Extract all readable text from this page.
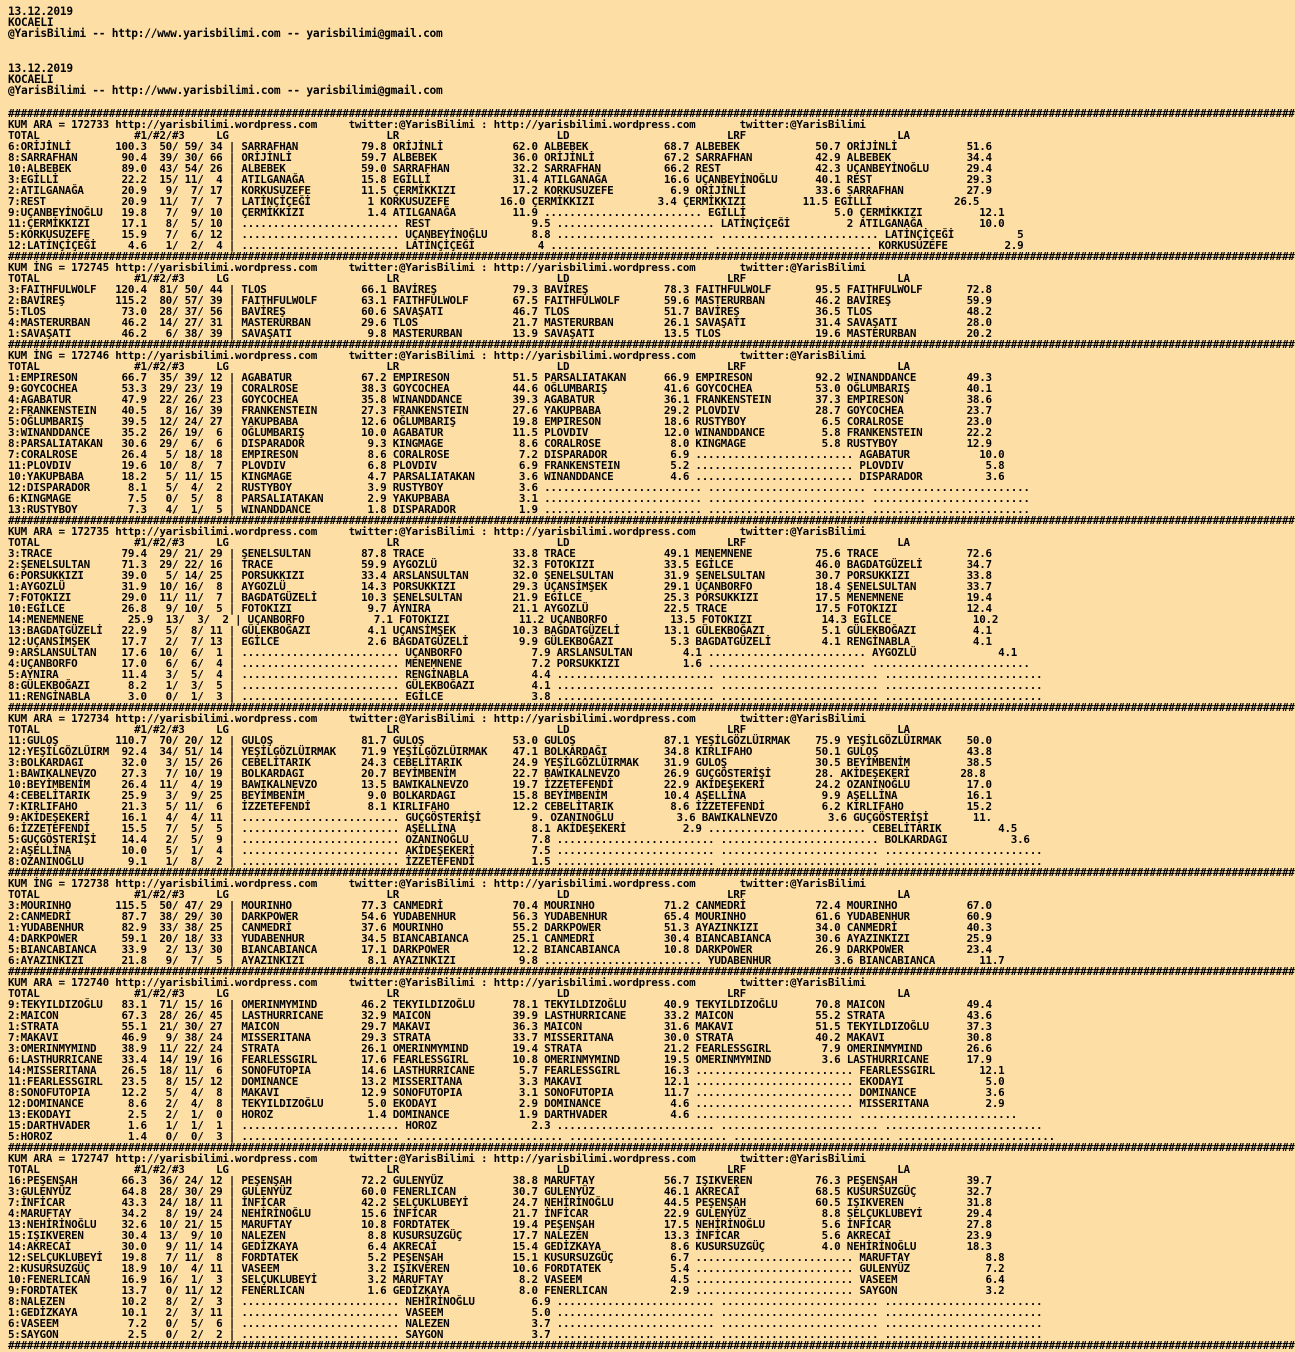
13.12.2019
KOCAELI
@YarisBilimi -- http://www.yarisbilimi.com -- yarisbilimi@gmail.com
13.12.2019
KOCAELI
@YarisBilimi -- http://www.yarisbilimi.com -- yarisbilimi@gmail.com
############################################################################################################################################################################################################
KUM ARA = 172733 http://yarisbilimi.wordpress.com     twitter:@YarisBilimi : http://yarisbilimi.wordpress.com       twitter:@YarisBilimi
TOTAL               #1/#2/#3     LG                         LR                         LD                         LRF                        LA
6:ORİJİNLİ       100.3  50/ 59/ 34 | SARRAFHAN          79.8 ORİJİNLİ           62.0 ALBEBEK            68.7 ALBEBEK            50.7 ORİJİNLİ           51.6
8:SARRAFHAN       90.4  39/ 30/ 66 | ORİJİNLİ           59.7 ALBEBEK            36.0 ORİJİNLİ           67.2 SARRAFHAN          42.9 ALBEBEK            34.4
10:ALBEBEK        89.0  43/ 54/ 26 | ALBEBEK            59.0 SARRAFHAN          32.2 SARRAFHAN          66.2 REST               42.3 UÇANBEYİNOĞLU      29.4
3:EGİLLİ          22.2  15/ 11/  4 | ATILGANAĞA         15.8 EGİLLİ             31.4 ATILGANAĞA         16.6 UÇANBEYİNOĞLU      40.1 REST               29.3
2:ATILGANAĞA      20.9   9/  7/ 17 | KORKUSUZEFE        11.5 ÇERMİKKIZI         17.2 KORKUSUZEFE         6.9 ORİJİNLİ           33.6 SARRAFHAN          27.9
7:REST            20.9  11/  7/  7 | LATİNÇİÇEĞİ         1 KORKUSUZEFE        16.0 ÇERMİKKIZI          3.4 ÇERMİKKIZI         11.5 EGİLLİ             26.5
9:UÇANBEYİNOĞLU   19.8   7/  9/ 10 | ÇERMİKKIZI          1.4 ATILGANAĞA         11.9 ......................... EGİLLİ              5.0 ÇERMİKKIZI         12.1
11:ÇERMİKKIZI     17.1   8/  5/ 10 | ......................... REST                9.5 ......................... LATİNÇİÇEĞİ         2 ATILGANAĞA         10.0
5:KORKUSUZEFE     15.9   7/  6/ 12 | ......................... UÇANBEYİNOĞLU       8.8 ......................... ......................... LATİNÇİÇEĞİ          5
12:LATİNÇİÇEĞİ     4.6   1/  2/  4 | ......................... LATİNÇİÇEĞİ          4 ......................... ......................... KORKUSUZEFE         2.9
############################################################################################################################################################################################################
KUM İNG = 172745 http://yarisbilimi.wordpress.com     twitter:@YarisBilimi : http://yarisbilimi.wordpress.com       twitter:@YarisBilimi
TOTAL               #1/#2/#3     LG                         LR                         LD                         LRF                        LA
3:FAITHFULWOLF   120.4  81/ 50/ 44 | TLOS               66.1 BAVİREŞ            79.3 BAVİREŞ            78.3 FAITHFULWOLF       95.5 FAITHFULWOLF       72.8
2:BAVİREŞ        115.2  80/ 57/ 39 | FAITHFULWOLF       63.1 FAITHFULWOLF       67.5 FAITHFULWOLF       59.6 MASTERURBAN        46.2 BAVİREŞ            59.9
5:TLOS            73.0  28/ 37/ 56 | BAVİREŞ            60.6 SAVAŞATI           46.7 TLOS               51.7 BAVİREŞ            36.5 TLOS               48.2
4:MASTERURBAN     46.2  14/ 27/ 31 | MASTERURBAN        29.6 TLOS               21.7 MASTERURBAN        26.1 SAVAŞATI           31.4 SAVAŞATI           28.0
1:SAVAŞATI        46.2   6/ 38/ 39 | SAVAŞATI            9.8 MASTERURBAN        13.9 SAVAŞATI           13.5 TLOS               19.6 MASTERURBAN        20.2
############################################################################################################################################################################################################
KUM İNG = 172746 http://yarisbilimi.wordpress.com     twitter:@YarisBilimi : http://yarisbilimi.wordpress.com       twitter:@YarisBilimi
TOTAL               #1/#2/#3     LG                         LR                         LD                         LRF                        LA
1:EMPIRESON       66.7  35/ 39/ 12 | AGABATUR           67.2 EMPIRESON          51.5 PARSALIATAKAN      66.9 EMPIRESON          92.2 WINANDDANCE        49.3
9:GOYCOCHEA       53.3  29/ 23/ 19 | CORALROSE          38.3 GOYCOCHEA          44.6 OĞLUMBARIŞ         41.6 GOYCOCHEA          53.0 OĞLUMBARIŞ         40.1
4:AGABATUR        47.9  22/ 26/ 23 | GOYCOCHEA          35.8 WINANDDANCE        39.3 AGABATUR           36.1 FRANKENSTEIN       37.3 EMPIRESON          38.6
2:FRANKENSTEIN    40.5   8/ 16/ 39 | FRANKENSTEIN       27.3 FRANKENSTEIN       27.6 YAKUPBABA          29.2 PLOVDIV            28.7 GOYCOCHEA          23.7
5:OĞLUMBARIŞ      39.5  12/ 24/ 27 | YAKUPBABA          12.6 OĞLUMBARIŞ         19.8 EMPIRESON          18.6 RUSTYBOY            6.5 CORALROSE          23.0
3:WINANDDANCE     35.2  26/ 19/  6 | OĞLUMBARIŞ         10.0 AGABATUR           11.5 PLOVDIV            12.0 WINANDDANCE         5.8 FRANKENSTEIN       22.2
8:PARSALIATAKAN   30.6  29/  6/  6 | DISPARADOR          9.3 KINGMAGE            8.6 CORALROSE           8.0 KINGMAGE            5.8 RUSTYBOY           12.9
7:CORALROSE       26.4   5/ 18/ 18 | EMPIRESON           8.6 CORALROSE           7.2 DISPARADOR          6.9 ......................... AGABATUR           10.0
11:PLOVDIV        19.6  10/  8/  7 | PLOVDIV             6.8 PLOVDIV             6.9 FRANKENSTEIN        5.2 ......................... PLOVDIV             5.8
10:YAKUPBABA      18.2   5/ 11/ 15 | KINGMAGE            4.7 PARSALIATAKAN       3.6 WINANDDANCE         4.6 ......................... DISPARADOR          3.6
12:DISPARADOR      8.1   5/  4/  2 | RUSTYBOY            3.9 RUSTYBOY            3.6 ......................... ......................... .........................
6:KINGMAGE         7.5   0/  5/  8 | PARSALIATAKAN       2.9 YAKUPBABA           3.1 ......................... ......................... .........................
13:RUSTYBOY        7.3   4/  1/  5 | WINANDDANCE         1.8 DISPARADOR          1.9 ......................... ......................... .........................
############################################################################################################################################################################################################
KUM ARA = 172735 http://yarisbilimi.wordpress.com     twitter:@YarisBilimi : http://yarisbilimi.wordpress.com       twitter:@YarisBilimi
TOTAL               #1/#2/#3     LG                         LR                         LD                         LRF                        LA
3:TRACE           79.4  29/ 21/ 29 | ŞENELSULTAN        87.8 TRACE              33.8 TRACE              49.1 MENEMNENE          75.6 TRACE              72.6
2:ŞENELSULTAN     71.3  29/ 22/ 16 | TRACE              59.9 AYGOZLÜ            32.3 FOTOKIZI           33.5 EGİLCE             46.0 BAGDATGÜZELİ       34.7
6:PORSUKKIZI      39.0   5/ 14/ 25 | PORSUKKIZI         33.4 ARSLANSULTAN       32.0 ŞENELSULTAN        31.9 ŞENELSULTAN        30.7 PORSUKKIZI         33.8
1:AYGOZLÜ         31.9  10/ 16/  8 | AYGOZLÜ            14.3 PORSUKKIZI         29.3 UÇANSİMŞEK         29.1 UÇANBORFO          18.4 ŞENELSULTAN        33.7
7:FOTOKIZI        29.0  11/ 11/  7 | BAGDATGÜZELİ       10.3 ŞENELSULTAN        21.9 EGİLCE             25.3 PORSUKKIZI         17.5 MENEMNENE          19.4
10:EGİLCE         26.8   9/ 10/  5 | FOTOKIZI            9.7 AYNIRA             21.1 AYGOZLÜ            22.5 TRACE              17.5 FOTOKIZI           12.4
14:MENEMNENE       25.9  13/  3/  2 | UÇANBORFO           7.1 FOTOKIZI           11.2 UÇANBORFO          13.5 FOTOKIZI           14.3 EGİLCE             10.2
13:BAGDATGÜZELİ   22.9   5/  8/ 11 | GÜLEKBOĞAZI         4.1 UÇANSİMŞEK         10.3 BAGDATGÜZELİ       13.1 GÜLEKBOĞAZI         5.1 GÜLEKBOĞAZI         4.1
12:UÇANSİMŞEK     17.7   2/  7/ 13 | EGİLCE              2.6 BAGDATGÜZELİ        9.9 GÜLEKBOĞAZI         5.3 BAGDATGÜZELİ        4.1 RENGİNABLA          4.1
9:ARSLANSULTAN    17.6  10/  6/  1 | ......................... UÇANBORFO           7.9 ARSLANSULTAN        4.1 ......................... AYGOZLÜ             4.1
4:UÇANBORFO       17.0   6/  6/  4 | ......................... MENEMNENE           7.2 PORSUKKIZI          1.6 ......................... .........................
5:AYNIRA          11.4   3/  5/  4 | ......................... RENGİNABLA          4.4 ......................... ......................... .........................
8:GÜLEKBOĞAZI      8.2   1/  3/  5 | ......................... GÜLEKBOĞAZI         4.1 ......................... ......................... .........................
11:RENGİNABLA      3.0   0/  1/  3 | ......................... EGİLCE              3.8 ......................... ......................... .........................
############################################################################################################################################################################################################
KUM ARA = 172734 http://yarisbilimi.wordpress.com     twitter:@YarisBilimi : http://yarisbilimi.wordpress.com       twitter:@YarisBilimi
TOTAL               #1/#2/#3     LG                         LR                         LD                         LRF                        LA
11:GULOŞ         110.7  70/ 20/ 12 | GULOŞ              81.7 GULOŞ              53.0 GULOŞ              87.1 YEŞİLGÖZLÜIRMAK    75.9 YEŞİLGÖZLÜIRMAK    50.0
12:YEŞİLGÖZLÜIRM  92.4  34/ 51/ 14 | YEŞİLGÖZLÜIRMAK    71.9 YEŞİLGÖZLÜIRMAK    47.1 BOLKARDAĞI         34.8 KIRLIFAHO          50.1 GULOŞ              43.8
3:BOLKARDAGI      32.0   3/ 15/ 26 | CEBELİTARIK        24.3 CEBELİTARIK        24.9 YEŞİLGÖZLÜIRMAK    31.9 GULOŞ              30.5 BEYİMBENİM         38.5
1:BAWIKALNEVZO    27.3   7/ 10/ 19 | BOLKARDAGI         20.7 BEYİMBENİM         22.7 BAWIKALNEVZO       26.9 GUÇGÖSTERİŞİ       28. AKİDEŞEKERİ        28.8
10:BEYİMBENİM     26.4  11/  4/ 19 | BAWIKALNEVZO       13.5 BAWIKALNEVZO       19.7 İZZETEFENDİ        22.9 AKİDEŞEKERİ        24.2 OZANINOĞLU         17.0
4:CEBELİTARIK     25.9   3/  9/ 25 | BEYİMBENİM          9.0 BOLKARDAGI         15.8 BEYİMBENİM         10.4 AŞELLİNA            9.9 AŞELLİNA           16.1
7:KIRLIFAHO       21.3   5/ 11/  6 | İZZETEFENDİ         8.1 KIRLIFAHO          12.2 CEBELİTARIK         8.6 İZZETEFENDİ         6.2 KIRLIFAHO          15.2
9:AKİDEŞEKERİ     16.1   4/  4/ 11 | ......................... GUÇGÖSTERİŞİ        9. OZANINOĞLU          3.6 BAWIKALNEVZO        3.6 GUÇGÖSTERİŞİ       11.
6:İZZETEFENDİ     15.5   7/  5/  5 | ......................... AŞELLİNA            8.1 AKİDEŞEKERİ         2.9 ......................... CEBELİTARIK         4.5
5:GUÇGÖSTERİŞİ    14.4   2/  5/  9 | ......................... OZANINOĞLU          7.8 ......................... ......................... BOLKARDAGI          3.6
2:AŞELLİNA        10.0   5/  1/  4 | ......................... AKİDEŞEKERİ         7.5 ......................... ......................... .........................
8:OZANINOĞLU       9.1   1/  8/  2 | ......................... İZZETEFENDİ         1.5 ......................... ......................... .........................
############################################################################################################################################################################################################
KUM İNG = 172738 http://yarisbilimi.wordpress.com     twitter:@YarisBilimi : http://yarisbilimi.wordpress.com       twitter:@YarisBilimi
TOTAL               #1/#2/#3     LG                         LR                         LD                         LRF                        LA
3:MOURINHO       115.5  50/ 47/ 29 | MOURINHO           77.3 CANMEDRİ           70.4 MOURINHO           71.2 CANMEDRİ           72.4 MOURINHO           67.0
2:CANMEDRİ        87.7  38/ 29/ 30 | DARKPOWER          54.6 YUDABENHUR         56.3 YUDABENHUR         65.4 MOURINHO           61.6 YUDABENHUR         60.9
1:YUDABENHUR      82.9  33/ 38/ 25 | CANMEDRİ           37.6 MOURINHO           55.2 DARKPOWER          51.3 AYAZINKIZI         34.0 CANMEDRİ           40.3
4:DARKPOWER       59.1  20/ 18/ 33 | YUDABENHUR         34.5 BIANCABIANCA       25.1 CANMEDRİ           30.4 BIANCABIANCA       30.6 AYAZINKIZI         25.9
5:BIANCABIANCA    33.9   2/ 13/ 30 | BIANCABIANCA       17.1 DARKPOWER          12.2 BIANCABIANCA       10.8 DARKPOWER          26.9 DARKPOWER          23.4
6:AYAZINKIZI      21.8   9/  7/  5 | AYAZINKIZI          8.1 AYAZINKIZI          9.8 ......................... YUDABENHUR          3.6 BIANCABIANCA       11.7
############################################################################################################################################################################################################
KUM ARA = 172740 http://yarisbilimi.wordpress.com     twitter:@YarisBilimi : http://yarisbilimi.wordpress.com       twitter:@YarisBilimi
TOTAL               #1/#2/#3     LG                         LR                         LD                         LRF                        LA
9:TEKYILDIZOĞLU   83.1  71/ 15/ 16 | OMERINMYMIND       46.2 TEKYILDIZOĞLU      78.1 TEKYILDIZOĞLU      40.9 TEKYILDIZOĞLU      70.8 MAICON             49.4
2:MAICON          67.3  28/ 26/ 45 | LASTHURRICANE      32.9 MAICON             39.9 LASTHURRICANE      33.2 MAICON             55.2 STRATA             43.6
1:STRATA          55.1  21/ 30/ 27 | MAICON             29.7 MAKAVI             36.3 MAICON             31.6 MAKAVI             51.5 TEKYILDIZOĞLU      37.3
7:MAKAVI          46.9   9/ 38/ 24 | MISSERITANA        29.3 STRATA             33.7 MISSERITANA        30.0 STRATA             40.2 MAKAVI             30.8
3:OMERINMYMIND    38.9  11/ 22/ 24 | STRATA             26.1 OMERINMYMIND       19.4 STRATA             21.2 FEARLESSGIRL        7.9 OMERINMYMIND       26.6
6:LASTHURRICANE   33.4  14/ 19/ 16 | FEARLESSGIRL       17.6 FEARLESSGIRL       10.8 OMERINMYMIND       19.5 OMERINMYMIND        3.6 LASTHURRICANE      17.9
14:MISSERITANA    26.5  18/ 11/  6 | SONOFUTOPIA        14.6 LASTHURRICANE       5.7 FEARLESSGIRL       16.3 ......................... FEARLESSGIRL       12.1
11:FEARLESSGIRL   23.5   8/ 15/ 12 | DOMINANCE          13.2 MISSERITANA         3.3 MAKAVI             12.1 ......................... EKODAYI             5.0
8:SONOFUTOPIA     12.2   5/  4/  8 | MAKAVI             12.9 SONOFUTOPIA         3.1 SONOFUTOPIA        11.7 ......................... DOMINANCE           3.6
12:DOMINANCE       8.6   2/  4/  8 | TEKYILDIZOĞLU       5.0 EKODAYI             2.9 DOMINANCE           4.6 ......................... MISSERITANA         2.9
13:EKODAYI         2.5   2/  1/  0 | HOROZ               1.4 DOMINANCE           1.9 DARTHVADER          4.6 ......................... .........................
15:DARTHVADER      1.6   1/  1/  1 | ......................... HOROZ               2.3 ......................... ......................... .........................
5:HOROZ            1.4   0/  0/  3 | ......................... ......................... ......................... ......................... .........................
############################################################################################################################################################################################################
KUM ARA = 172747 http://yarisbilimi.wordpress.com     twitter:@YarisBilimi : http://yarisbilimi.wordpress.com       twitter:@YarisBilimi
TOTAL               #1/#2/#3     LG                         LR                         LD                         LRF                        LA
16:PEŞENŞAH       66.3  36/ 24/ 12 | PEŞENŞAH           72.2 GULENYÜZ           38.8 MARUFTAY           56.7 IŞIKVEREN          76.3 PEŞENŞAH           39.7
3:GULENYÜZ        64.8  28/ 30/ 29 | GULENYÜZ           60.0 FENERLICAN         30.7 GULENYÜZ           46.1 AKRECAİ            68.5 KUSURSUZGÜÇ        32.7
7:İNFİCAR         43.3  24/ 18/ 11 | İNFİCAR            42.2 SELÇUKLUBEYİ       24.7 NEHİRİNOĞLU        44.5 PEŞENŞAH           60.5 IŞIKVEREN          31.8
4:MARUFTAY        34.2   8/ 19/ 24 | NEHİRİNOĞLU        15.6 İNFİCAR            21.7 İNFİCAR            22.9 GULENYÜZ            8.8 SELÇUKLUBEYİ       29.4
13:NEHİRİNOĞLU    32.6  10/ 21/ 15 | MARUFTAY           10.8 FORDTATEK          19.4 PEŞENŞAH           17.5 NEHİRİNOĞLU         5.6 İNFİCAR            27.8
15:IŞIKVEREN      30.4  13/  9/ 10 | NALEZEN             8.8 KUSURSUZGÜÇ        17.7 NALEZEN            13.3 İNFİCAR             5.6 AKRECAİ            23.9
14:AKRECAİ        30.0   9/ 11/ 14 | GEDİZKAYA           6.4 AKRECAİ            15.4 GEDİZKAYA           8.6 KUSURSUZGÜÇ         4.0 NEHİRİNOĞLU        18.3
12:SELÇUKLUBEYİ   19.8   7/ 11/  8 | FORDTATEK           5.2 PEŞENŞAH           15.1 KUSURSUZGÜÇ         6.7 ......................... MARUFTAY            8.8
2:KUSURSUZGÜÇ     18.9  10/  4/ 11 | VASEEM              3.2 IŞIKVEREN          10.6 FORDTATEK           5.4 ......................... GULENYÜZ            7.2
10:FENERLICAN     16.9  16/  1/  3 | SELÇUKLUBEYİ        3.2 MARUFTAY            8.2 VASEEM              4.5 ......................... VASEEM              6.4
9:FORDTATEK       13.7   0/ 11/ 12 | FENERLICAN          1.6 GEDİZKAYA           8.0 FENERLICAN          2.9 ......................... SAYGON              3.2
8:NALEZEN         10.2   8/  2/  3 | ......................... NEHİRİNOĞLU         6.9 ......................... ......................... .........................
1:GEDİZKAYA       10.1   2/  3/ 11 | ......................... VASEEM              5.0 ......................... ......................... .........................
6:VASEEM           7.2   0/  5/  6 | ......................... NALEZEN             3.7 ......................... ......................... .........................
5:SAYGON           2.5   0/  2/  2 | ......................... SAYGON              3.7 ......................... ......................... .........................
############################################################################################################################################################################################################
